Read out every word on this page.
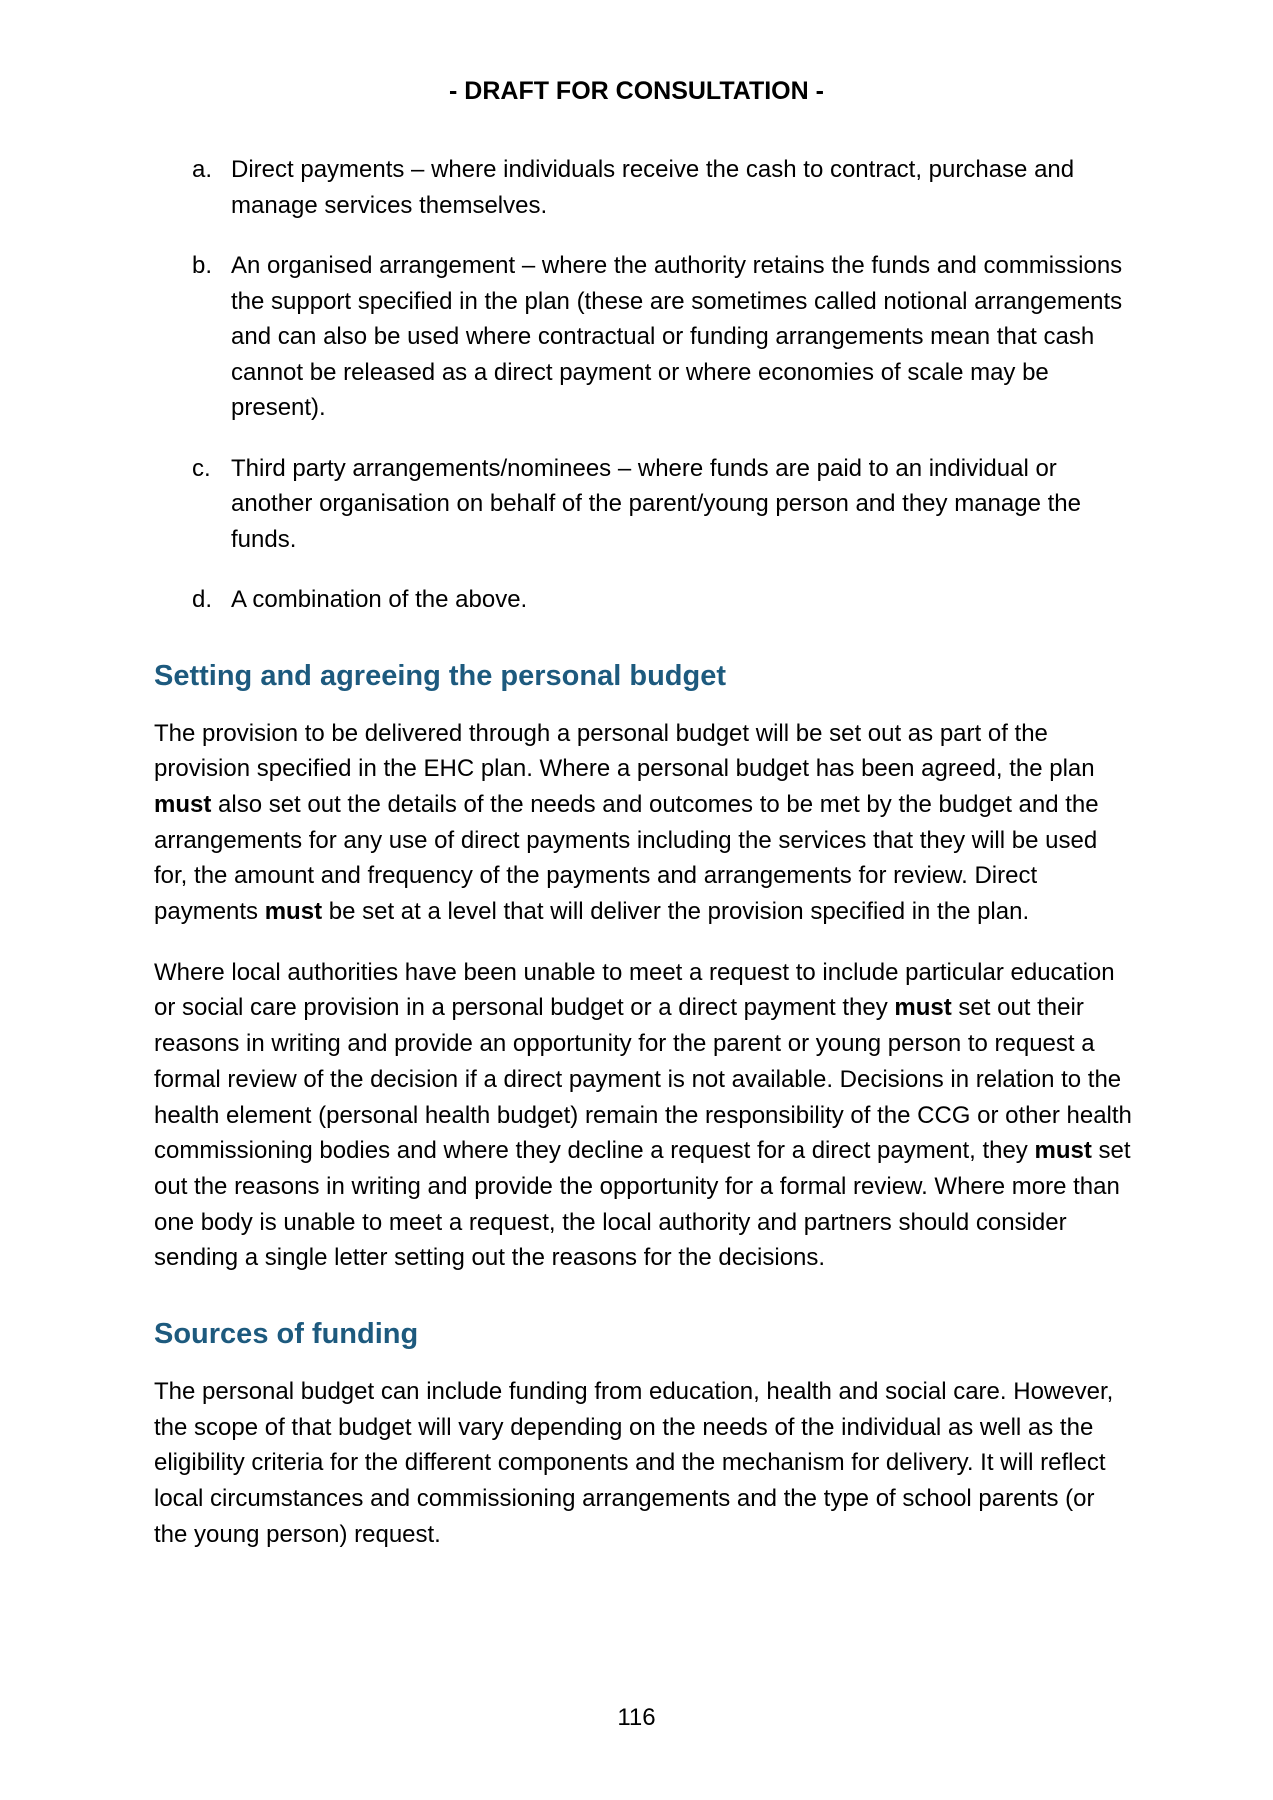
- DRAFT FOR CONSULTATION -
a. Direct payments – where individuals receive the cash to contract, purchase and manage services themselves.
b. An organised arrangement – where the authority retains the funds and commissions the support specified in the plan (these are sometimes called notional arrangements and can also be used where contractual or funding arrangements mean that cash cannot be released as a direct payment or where economies of scale may be present).
c. Third party arrangements/nominees – where funds are paid to an individual or another organisation on behalf of the parent/young person and they manage the funds.
d. A combination of the above.
Setting and agreeing the personal budget

The provision to be delivered through a personal budget will be set out as part of the provision specified in the EHC plan. Where a personal budget has been agreed, the plan must also set out the details of the needs and outcomes to be met by the budget and the arrangements for any use of direct payments including the services that they will be used for, the amount and frequency of the payments and arrangements for review. Direct payments must be set at a level that will deliver the provision specified in the plan.

Where local authorities have been unable to meet a request to include particular education or social care provision in a personal budget or a direct payment they must set out their reasons in writing and provide an opportunity for the parent or young person to request a formal review of the decision if a direct payment is not available. Decisions in relation to the health element (personal health budget) remain the responsibility of the CCG or other health commissioning bodies and where they decline a request for a direct payment, they must set out the reasons in writing and provide the opportunity for a formal review. Where more than one body is unable to meet a request, the local authority and partners should consider sending a single letter setting out the reasons for the decisions.

Sources of funding

The personal budget can include funding from education, health and social care. However, the scope of that budget will vary depending on the needs of the individual as well as the eligibility criteria for the different components and the mechanism for delivery. It will reflect local circumstances and commissioning arrangements and the type of school parents (or the young person) request.

116
